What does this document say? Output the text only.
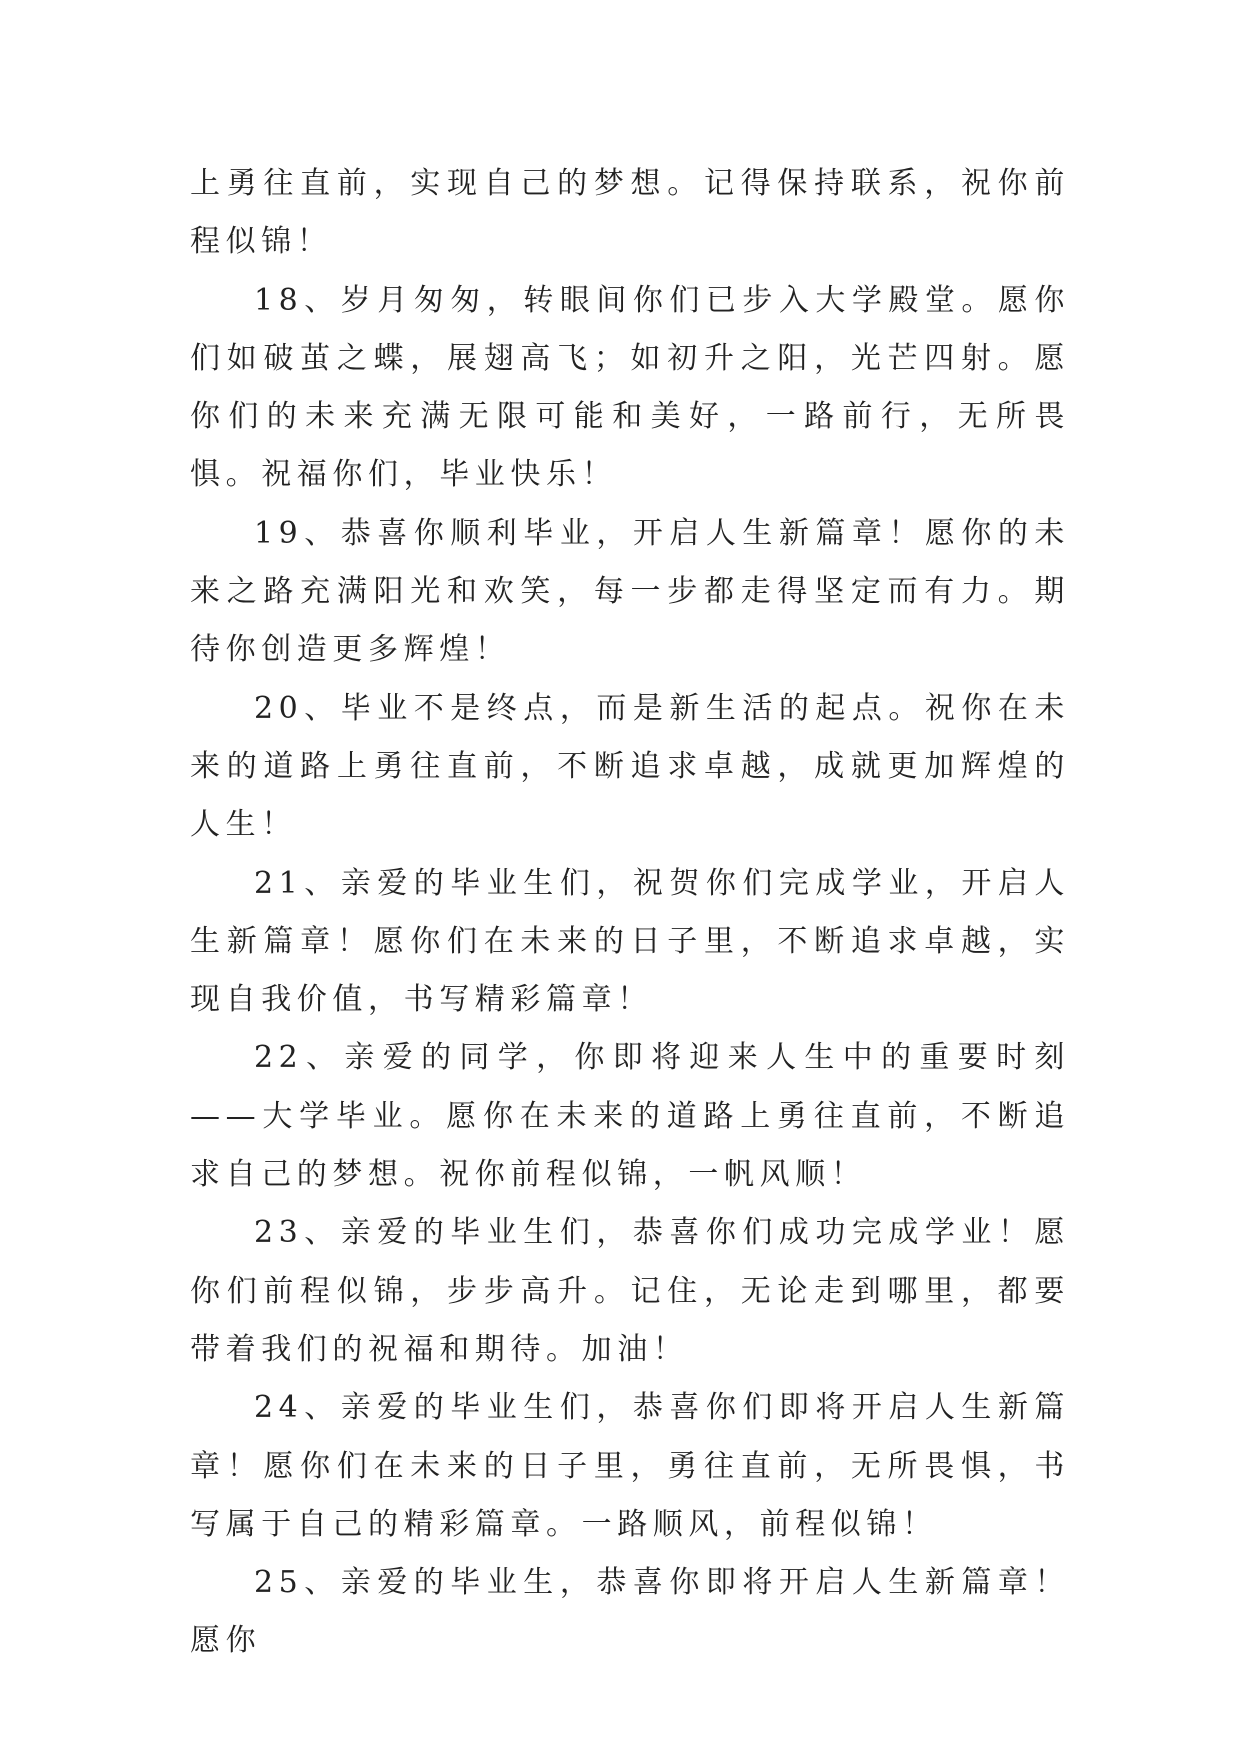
上勇往直前，实现自己的梦想。记得保持联系，祝你前程似锦！

18、岁月匆匆，转眼间你们已步入大学殿堂。愿你们如破茧之蝶，展翅高飞；如初升之阳，光芒四射。愿你们的未来充满无限可能和美好，一路前行，无所畏惧。祝福你们，毕业快乐！

19、恭喜你顺利毕业，开启人生新篇章！愿你的未来之路充满阳光和欢笑，每一步都走得坚定而有力。期待你创造更多辉煌！

20、毕业不是终点，而是新生活的起点。祝你在未来的道路上勇往直前，不断追求卓越，成就更加辉煌的人生！

21、亲爱的毕业生们，祝贺你们完成学业，开启人生新篇章！愿你们在未来的日子里，不断追求卓越，实现自我价值，书写精彩篇章！

22、亲爱的同学，你即将迎来人生中的重要时刻——大学毕业。愿你在未来的道路上勇往直前，不断追求自己的梦想。祝你前程似锦，一帆风顺！

23、亲爱的毕业生们，恭喜你们成功完成学业！愿你们前程似锦，步步高升。记住，无论走到哪里，都要带着我们的祝福和期待。加油！

24、亲爱的毕业生们，恭喜你们即将开启人生新篇章！愿你们在未来的日子里，勇往直前，无所畏惧，书写属于自己的精彩篇章。一路顺风，前程似锦！

25、亲爱的毕业生，恭喜你即将开启人生新篇章！愿你
